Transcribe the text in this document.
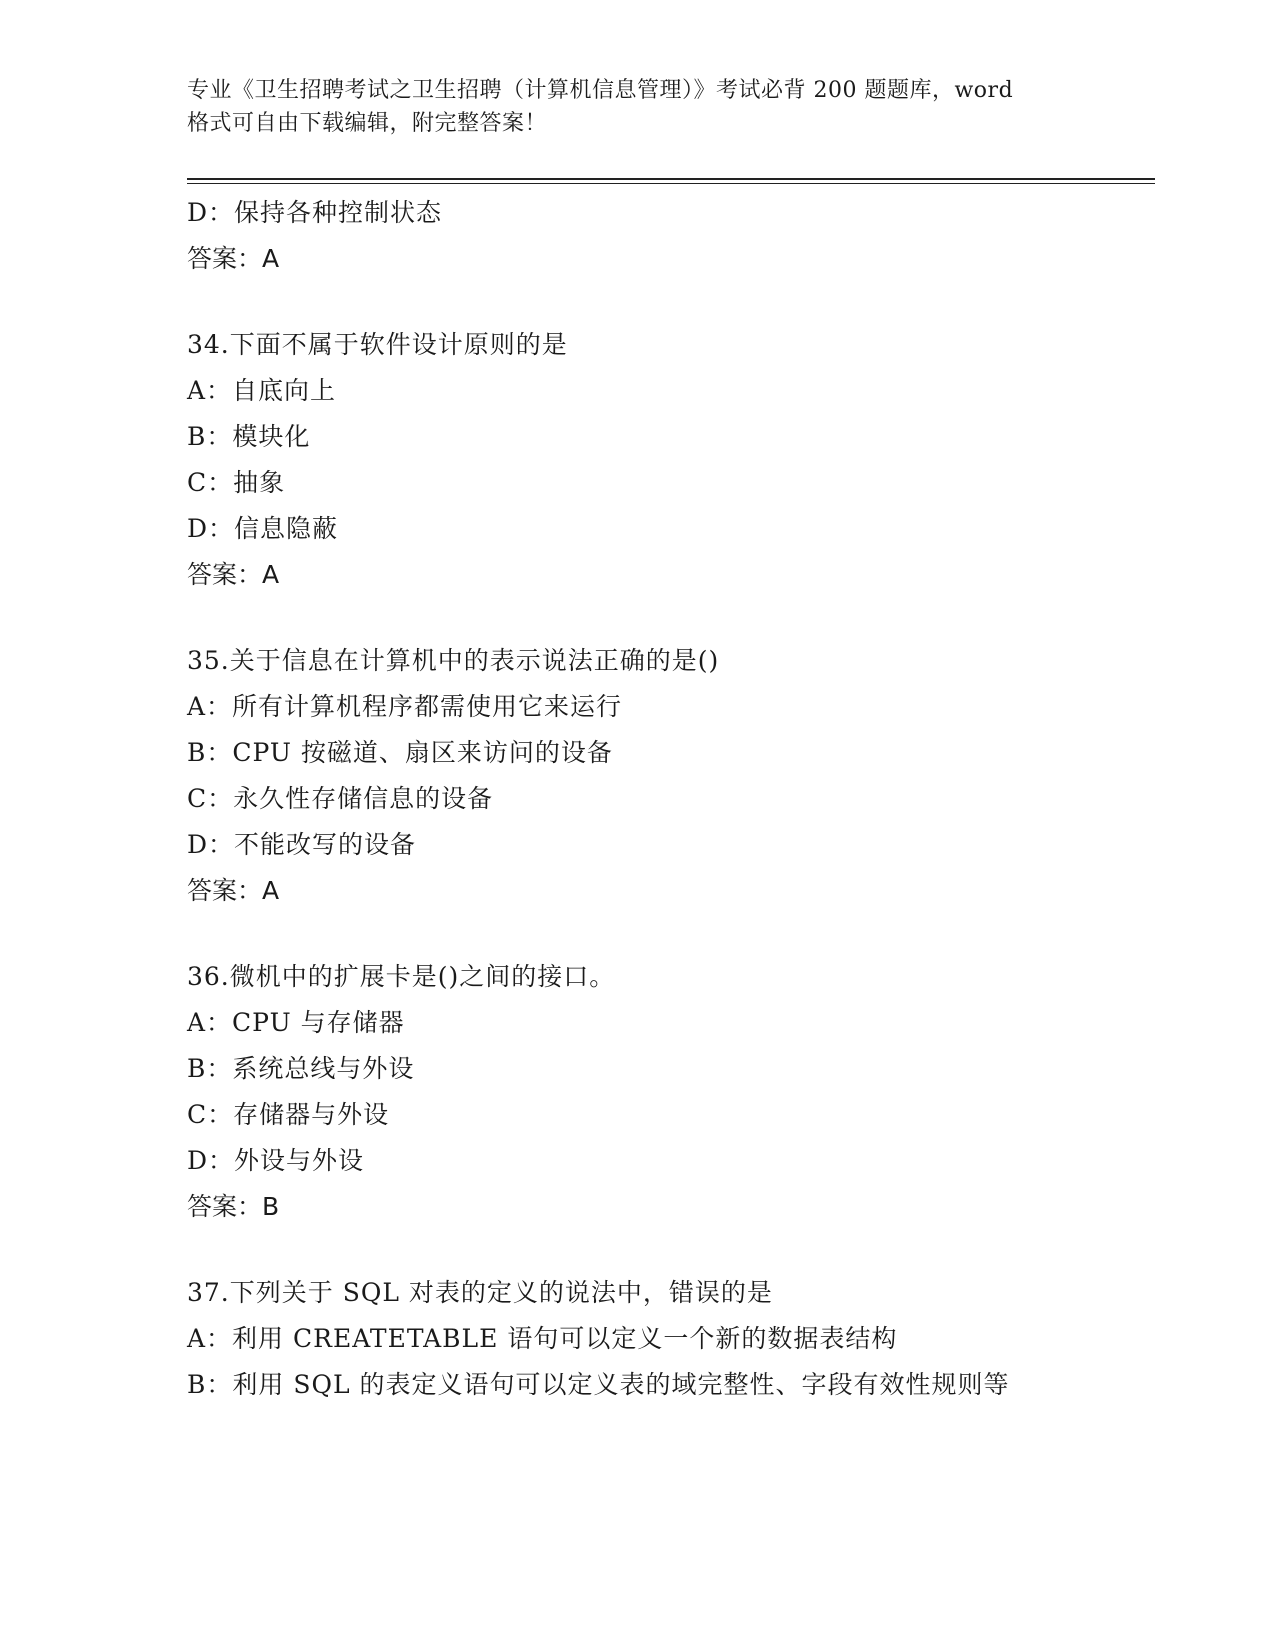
专业《卫生招聘考试之卫生招聘（计算机信息管理）》考试必背 200 题题库，word
格式可自由下载编辑，附完整答案！
D：保持各种控制状态
答案：A
34.下面不属于软件设计原则的是
A：自底向上
B：模块化
C：抽象
D：信息隐蔽
答案：A
35.关于信息在计算机中的表示说法正确的是()
A：所有计算机程序都需使用它来运行
B：CPU 按磁道、扇区来访问的设备
C：永久性存储信息的设备
D：不能改写的设备
答案：A
36.微机中的扩展卡是()之间的接口。
A：CPU 与存储器
B：系统总线与外设
C：存储器与外设
D：外设与外设
答案：B
37.下列关于 SQL 对表的定义的说法中，错误的是
A：利用 CREATETABLE 语句可以定义一个新的数据表结构
B：利用 SQL 的表定义语句可以定义表的域完整性、字段有效性规则等
